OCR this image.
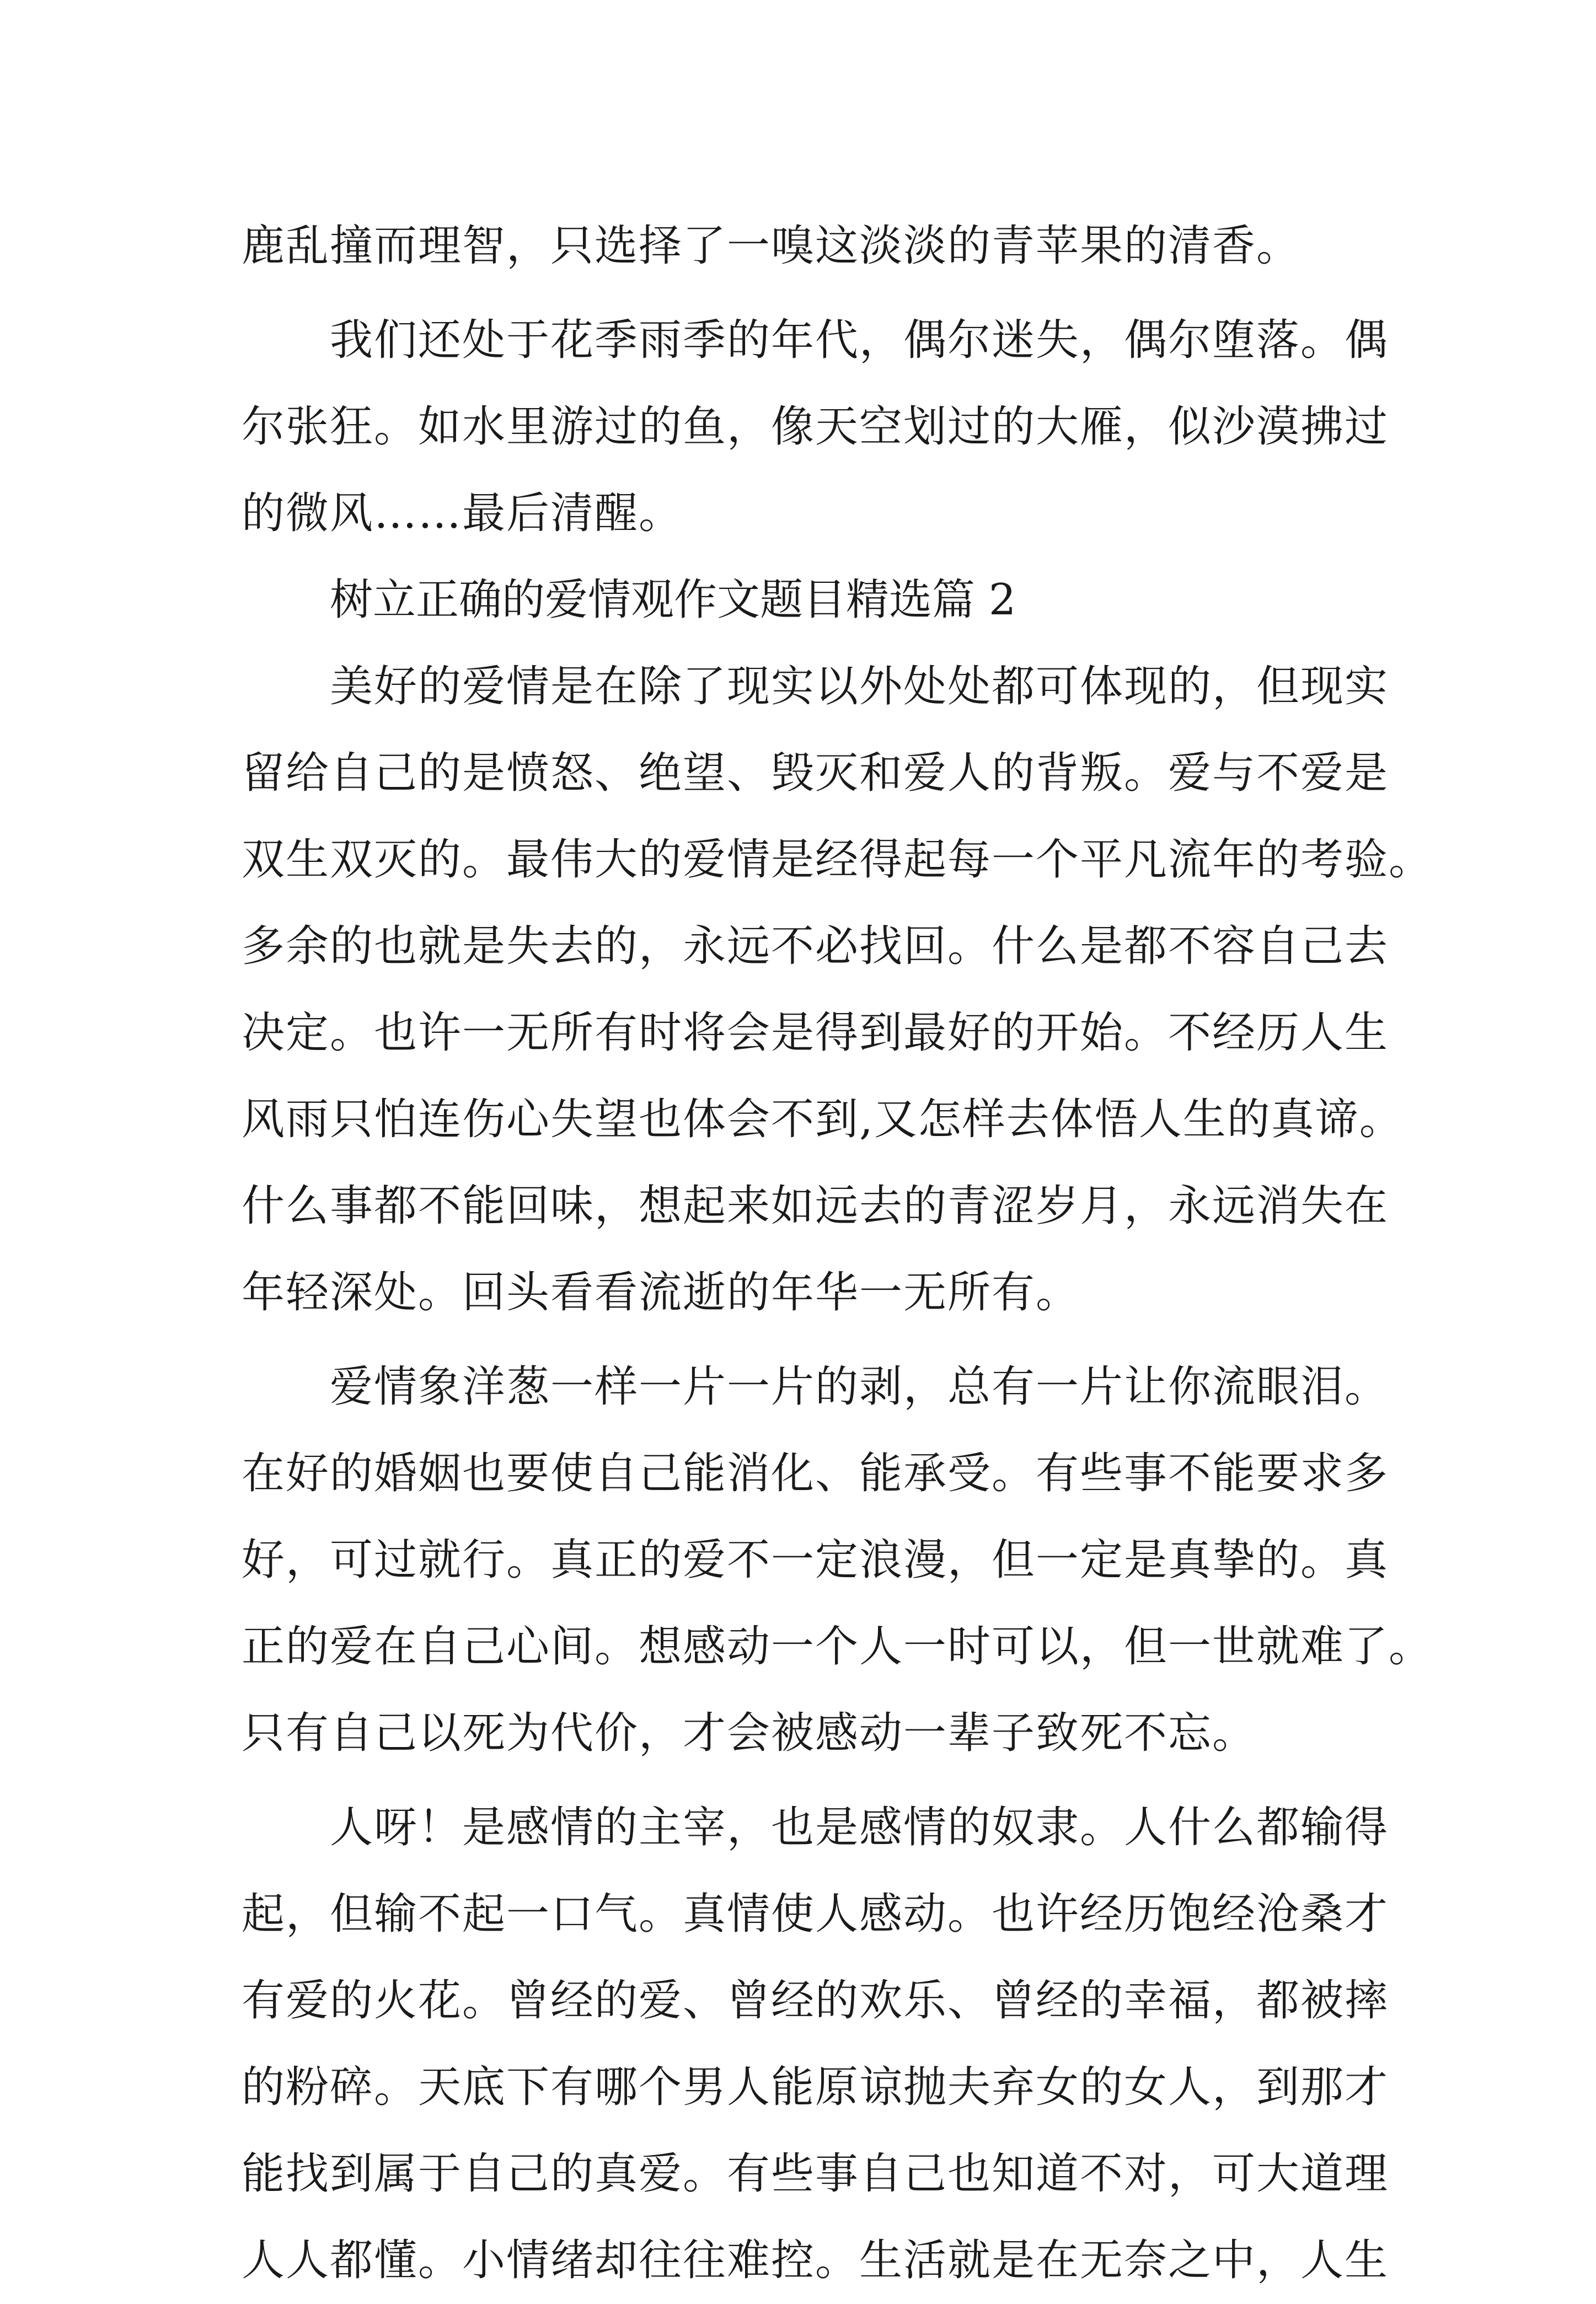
鹿乱撞而理智，只选择了一嗅这淡淡的青苹果的清香。
我们还处于花季雨季的年代，偶尔迷失，偶尔堕落。偶
尔张狂。如水里游过的鱼，像天空划过的大雁，似沙漠拂过
的微风……最后清醒。
树立正确的爱情观作文题目精选篇 2
美好的爱情是在除了现实以外处处都可体现的，但现实
留给自己的是愤怒、绝望、毁灭和爱人的背叛。爱与不爱是
双生双灭的。最伟大的爱情是经得起每一个平凡流年的考验。
多余的也就是失去的，永远不必找回。什么是都不容自己去
决定。也许一无所有时将会是得到最好的开始。不经历人生
风雨只怕连伤心失望也体会不到,又怎样去体悟人生的真谛。
什么事都不能回味，想起来如远去的青涩岁月，永远消失在
年轻深处。回头看看流逝的年华一无所有。
爱情象洋葱一样一片一片的剥，总有一片让你流眼泪。
在好的婚姻也要使自己能消化、能承受。有些事不能要求多
好，可过就行。真正的爱不一定浪漫，但一定是真挚的。真
正的爱在自己心间。想感动一个人一时可以，但一世就难了。
只有自己以死为代价，才会被感动一辈子致死不忘。
人呀！是感情的主宰，也是感情的奴隶。人什么都输得
起，但输不起一口气。真情使人感动。也许经历饱经沧桑才
有爱的火花。曾经的爱、曾经的欢乐、曾经的幸福，都被摔
的粉碎。天底下有哪个男人能原谅抛夫弃女的女人，到那才
能找到属于自己的真爱。有些事自己也知道不对，可大道理
人人都懂。小情绪却往往难控。生活就是在无奈之中，人生
